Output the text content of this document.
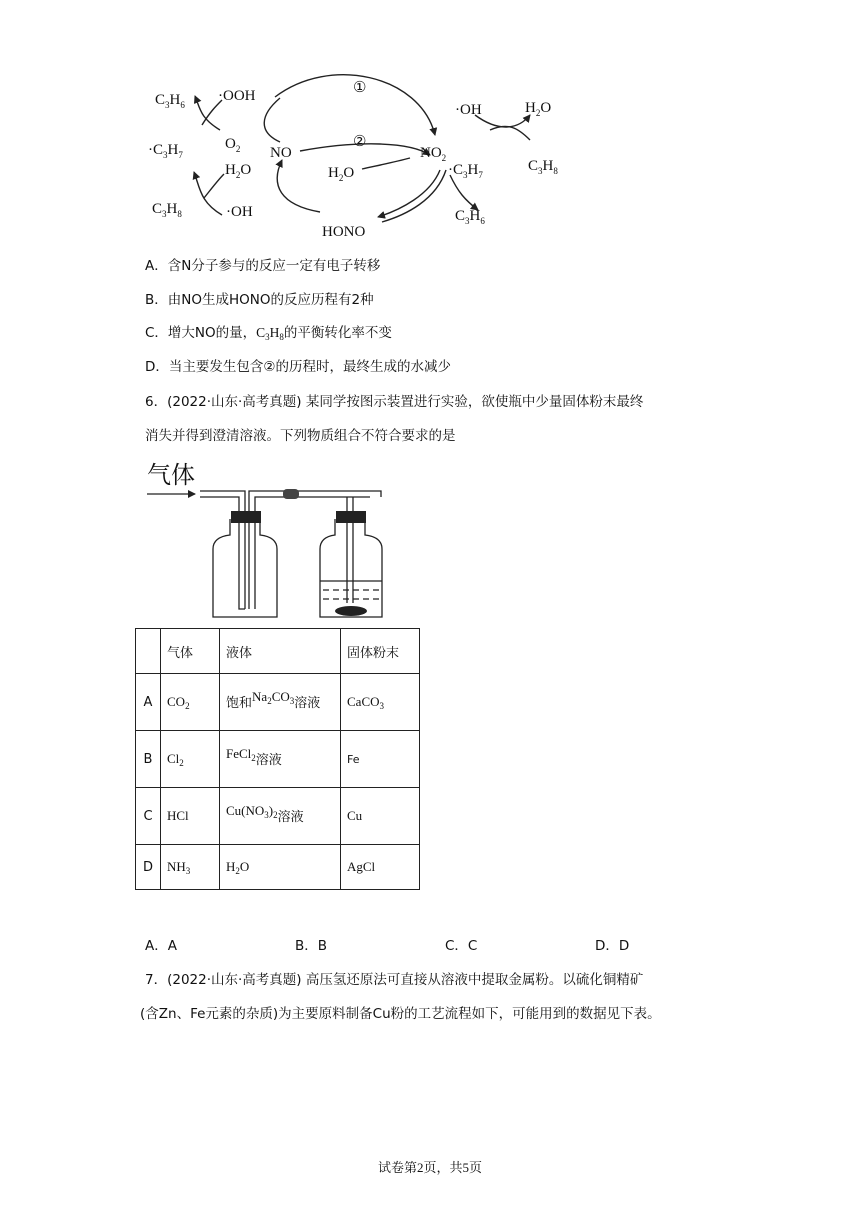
$C_3H_6$
·OOH
$\cdot C_3H_7$
$O_2$
$H_2O$
$C_3H_8$	·OH
①
②
NO
$H_2O$
·OH	$H_2O$
$NO_2$
$\cdot C_3H_7$
$C_3H_8$
$C_3H_6$
HONO
A．含N分子参与的反应一定有电子转移
B．由NO生成HONO的反应历程有2种
C．增大NO的量，$C_3H_8$的平衡转化率不变
D．当主要发生包含②的历程时，最终生成的水减少
6．(2022·山东·高考真题) 某同学按图示装置进行实验，欲使瓶中少量固体粉末最终
消失并得到澄清溶液。下列物质组合不符合要求的是
气体
	气体	液体	固体粉末
A	$CO_2$	饱和$Na_2CO_3$溶液	CaCO$_3$
B	$Cl_2$	FeCl$_2$溶液	Fe
C	HCl	$Cu(NO_3)_2$溶液	Cu
D	$NH_3$	$H_2O$	AgCl
A．A	B．B	C．C	D．D
7．(2022·山东·高考真题) 高压氢还原法可直接从溶液中提取金属粉。以硫化铜精矿
(含Zn、Fe元素的杂质)为主要原料制备Cu粉的工艺流程如下，可能用到的数据见下表。
试卷第2页，共5页
